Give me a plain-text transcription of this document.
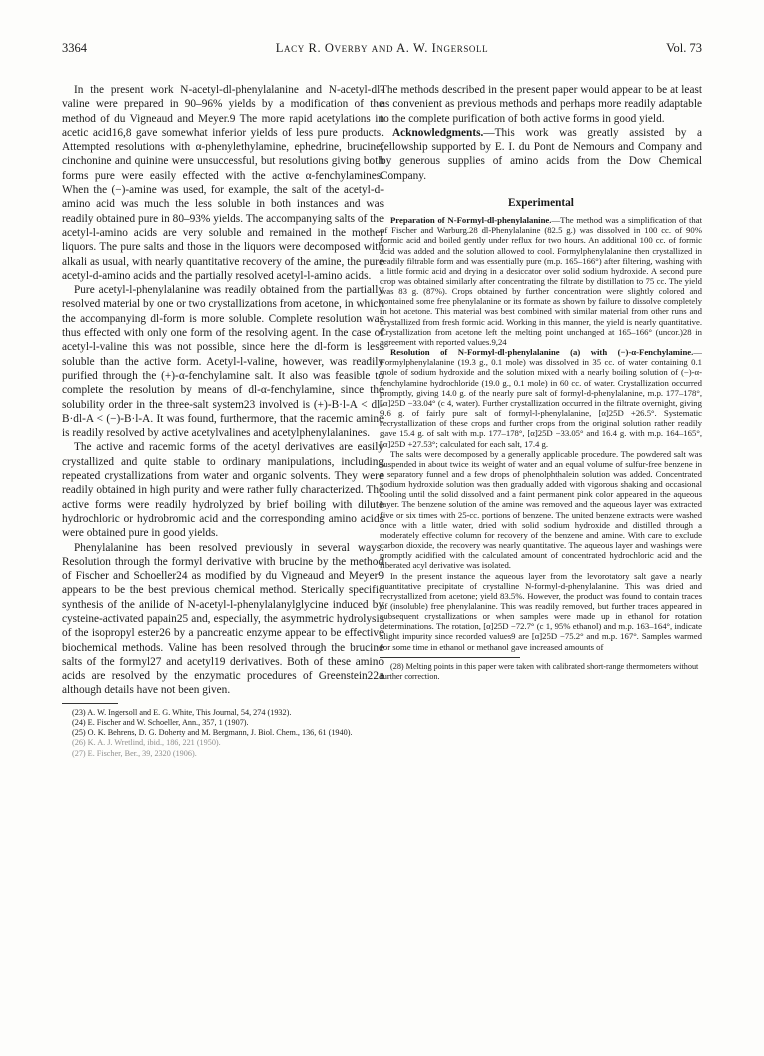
3364	Lacy R. Overby and A. W. Ingersoll	Vol. 73

In the present work N-acetyl-dl-phenylalanine and N-acetyl-dl-valine were prepared in 90–96% yields by a modification of the method of du Vigneaud and Meyer.9 The more rapid acetylations in acetic acid16,8 gave somewhat inferior yields of less pure products. Attempted resolutions with α-phenylethylamine, ephedrine, brucine, cinchonine and quinine were unsuccessful, but resolutions giving both forms pure were easily effected with the active α-fenchylamines. When the (−)-amine was used, for example, the salt of the acetyl-d-amino acid was much the less soluble in both instances and was readily obtained pure in 80–93% yields. The accompanying salts of the acetyl-l-amino acids are very soluble and remained in the mother liquors. The pure salts and those in the liquors were decomposed with alkali as usual, with nearly quantitative recovery of the amine, the pure acetyl-d-amino acids and the partially resolved acetyl-l-amino acids.

Pure acetyl-l-phenylalanine was readily obtained from the partially resolved material by one or two crystallizations from acetone, in which the accompanying dl-form is more soluble. Complete resolution was thus effected with only one form of the resolving agent. In the case of acetyl-l-valine this was not possible, since here the dl-form is less soluble than the active form. Acetyl-l-valine, however, was readily purified through the (+)-α-fenchylamine salt. It also was feasible to complete the resolution by means of dl-α-fenchylamine, since the solubility order in the three-salt system23 involved is (+)-B·l-A < dl-B·dl-A < (−)-B·l-A. It was found, furthermore, that the racemic amine is readily resolved by active acetylvalines and acetylphenylalanines.

The active and racemic forms of the acetyl derivatives are easily crystallized and quite stable to ordinary manipulations, including repeated crystallizations from water and organic solvents. They were readily obtained in high purity and were rather fully characterized. The active forms were readily hydrolyzed by brief boiling with dilute hydrochloric or hydrobromic acid and the corresponding amino acids were obtained pure in good yields.

Phenylalanine has been resolved previously in several ways. Resolution through the formyl derivative with brucine by the method of Fischer and Schoeller24 as modified by du Vigneaud and Meyer9 appears to be the best previous chemical method. Sterically specific synthesis of the anilide of N-acetyl-l-phenylalanylglycine induced by cysteine-activated papain25 and, especially, the asymmetric hydrolysis of the isopropyl ester26 by a pancreatic enzyme appear to be effective biochemical methods. Valine has been resolved through the brucine salts of the formyl27 and acetyl19 derivatives. Both of these amino acids are resolved by the enzymatic procedures of Greenstein22a although details have not been given.

(23) A. W. Ingersoll and E. G. White, This Journal, 54, 274 (1932).

(24) E. Fischer and W. Schoeller, Ann., 357, 1 (1907).

(25) O. K. Behrens, D. G. Doherty and M. Bergmann, J. Biol. Chem., 136, 61 (1940).

(26) K. A. J. Wretlind, ibid., 186, 221 (1950).

(27) E. Fischer, Ber., 39, 2320 (1906).

The methods described in the present paper would appear to be at least as convenient as previous methods and perhaps more readily adaptable to the complete purification of both active forms in good yield.

Acknowledgments.—This work was greatly assisted by a fellowship supported by E. I. du Pont de Nemours and Company and by generous supplies of amino acids from the Dow Chemical Company.

Experimental

Preparation of N-Formyl-dl-phenylalanine.—The method was a simplification of that of Fischer and Warburg.28 dl-Phenylalanine (82.5 g.) was dissolved in 100 cc. of 90% formic acid and boiled gently under reflux for two hours. An additional 100 cc. of formic acid was added and the solution allowed to cool. Formylphenylalanine then crystallized in readily filtrable form and was essentially pure (m.p. 165–166°) after filtering, washing with a little formic acid and drying in a desiccator over solid sodium hydroxide. A second pure crop was obtained similarly after concentrating the filtrate by distillation to 75 cc. The yield was 83 g. (87%). Crops obtained by further concentration were slightly colored and contained some free phenylalanine or its formate as shown by failure to dissolve completely in hot acetone. This material was best combined with similar material from other runs and crystallized from fresh formic acid. Working in this manner, the yield is nearly quantitative. Crystallization from acetone left the melting point unchanged at 165–166° (uncor.)28 in agreement with reported values.9,24

Resolution of N-Formyl-dl-phenylalanine (a) with (−)-α-Fenchylamine.—Formylphenylalanine (19.3 g., 0.1 mole) was dissolved in 35 cc. of water containing 0.1 mole of sodium hydroxide and the solution mixed with a nearly boiling solution of (−)-α-fenchylamine hydrochloride (19.0 g., 0.1 mole) in 60 cc. of water. Crystallization occurred promptly, giving 14.0 g. of the nearly pure salt of formyl-d-phenylalanine, m.p. 177–178°, [α]25D −33.04° (c 4, water). Further crystallization occurred in the filtrate overnight, giving 9.6 g. of fairly pure salt of formyl-l-phenylalanine, [α]25D +26.5°. Systematic recrystallization of these crops and further crops from the original solution rather readily gave 15.4 g. of salt with m.p. 177–178°, [α]25D −33.05° and 16.4 g. with m.p. 164–165°, [α]25D +27.53°; calculated for each salt, 17.4 g.

The salts were decomposed by a generally applicable procedure. The powdered salt was suspended in about twice its weight of water and an equal volume of sulfur-free benzene in a separatory funnel and a few drops of phenolphthalein solution was added. Concentrated sodium hydroxide solution was then gradually added with vigorous shaking and occasional cooling until the solid dissolved and a faint permanent pink color appeared in the aqueous layer. The benzene solution of the amine was removed and the aqueous layer was extracted five or six times with 25-cc. portions of benzene. The united benzene extracts were washed once with a little water, dried with solid sodium hydroxide and distilled through a moderately effective column for recovery of the benzene and amine. With care to exclude carbon dioxide, the recovery was nearly quantitative. The aqueous layer and washings were promptly acidified with the calculated amount of concentrated hydrochloric acid and the liberated acyl derivative was isolated.

In the present instance the aqueous layer from the levorotatory salt gave a nearly quantitative precipitate of crystalline N-formyl-d-phenylalanine. This was dried and recrystallized from acetone; yield 83.5%. However, the product was found to contain traces of (insoluble) free phenylalanine. This was readily removed, but further traces appeared in subsequent crystallizations or when samples were made up in ethanol for rotation determinations. The rotation, [α]25D −72.7° (c 1, 95% ethanol) and m.p. 163–164°, indicate slight impurity since recorded values9 are [α]25D −75.2° and m.p. 167°. Samples warmed for some time in ethanol or methanol gave increased amounts of

(28) Melting points in this paper were taken with calibrated short-range thermometers without further correction.
